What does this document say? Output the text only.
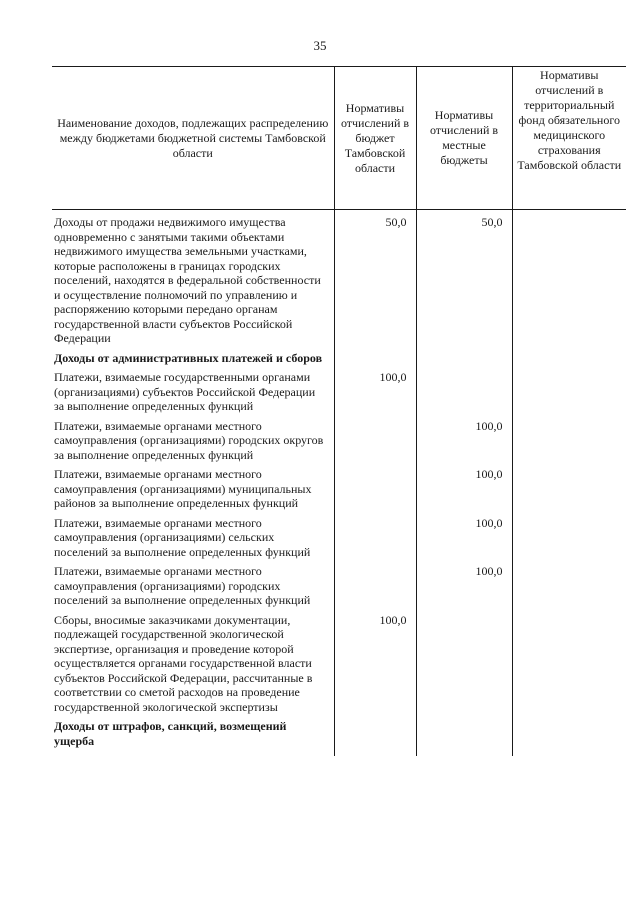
35
Наименование доходов, подлежащих распределению между бюджетами бюджетной системы Тамбовской области	Нормативы отчислений в бюджет Тамбовской области	Нормативы отчислений в местные бюджеты	Нормативы отчислений в территориальный фонд обязательного медицинского страхования Тамбовской области
Доходы от продажи недвижимого имущества одновременно с занятыми такими объектами недвижимого имущества земельными участками, которые расположены в границах городских поселений, находятся в федеральной собственности и осуществление полномочий по управлению и распоряжению которыми передано органам государственной власти субъектов Российской Федерации	50,0	50,0	
Доходы от административных платежей и сборов			
Платежи, взимаемые государственными органами (организациями) субъектов Российской Федерации за выполнение определенных функций	100,0		
Платежи, взимаемые органами местного самоуправления (организациями) городских округов за выполнение определенных функций		100,0	
Платежи, взимаемые органами местного самоуправления (организациями) муниципальных районов за выполнение определенных функций		100,0	
Платежи, взимаемые органами местного самоуправления (организациями) сельских поселений за выполнение определенных функций		100,0	
Платежи, взимаемые органами местного самоуправления (организациями) городских поселений за выполнение определенных функций		100,0	
Сборы, вносимые заказчиками документации, подлежащей государственной экологической экспертизе, организация и проведение которой осуществляется органами государственной власти субъектов Российской Федерации, рассчитанные в соответствии со сметой расходов на проведение государственной экологической экспертизы	100,0		
Доходы от штрафов, санкций, возмещений ущерба			
